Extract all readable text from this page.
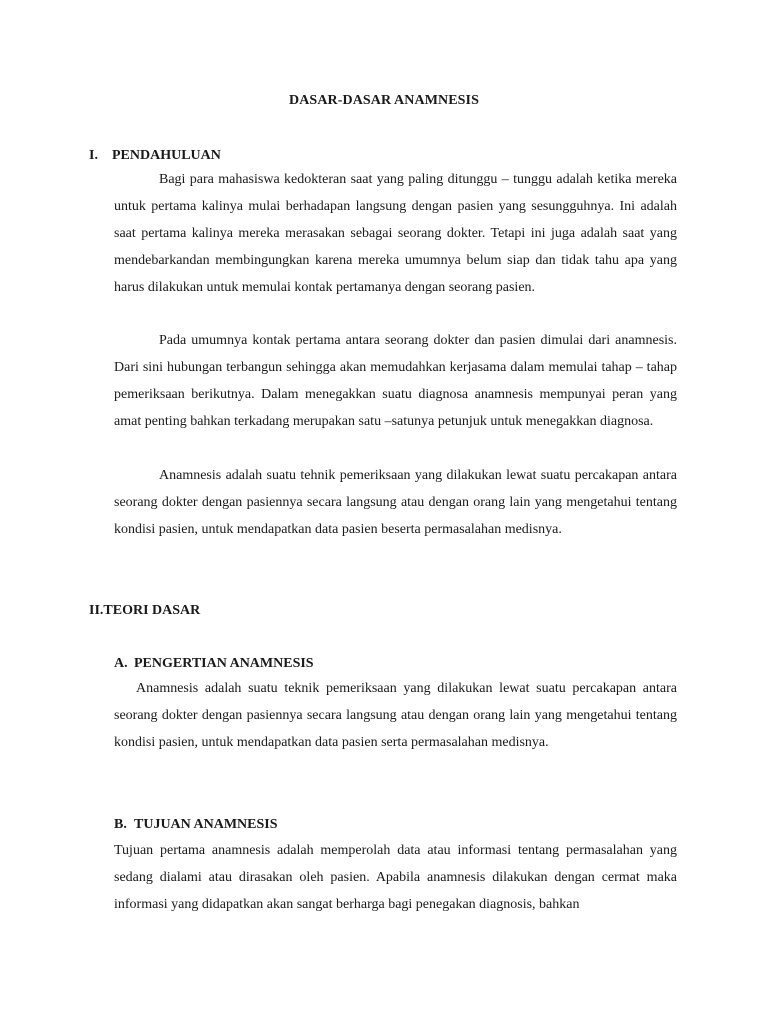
DASAR-DASAR ANAMNESIS
I. PENDAHULUAN

Bagi para mahasiswa kedokteran saat yang paling ditunggu – tunggu adalah ketika mereka untuk pertama kalinya mulai berhadapan langsung dengan pasien yang sesungguhnya. Ini adalah saat pertama kalinya mereka merasakan sebagai seorang dokter. Tetapi ini juga adalah saat yang mendebarkandan membingungkan karena mereka umumnya belum siap dan tidak tahu apa yang harus dilakukan untuk memulai kontak pertamanya dengan seorang pasien.

Pada umumnya kontak pertama antara seorang dokter dan pasien dimulai dari anamnesis. Dari sini hubungan terbangun sehingga akan memudahkan kerjasama dalam memulai tahap – tahap pemeriksaan berikutnya. Dalam menegakkan suatu diagnosa anamnesis mempunyai peran yang amat penting bahkan terkadang merupakan satu –satunya petunjuk untuk menegakkan diagnosa.

Anamnesis adalah suatu tehnik pemeriksaan yang dilakukan lewat suatu percakapan antara seorang dokter dengan pasiennya secara langsung atau dengan orang lain yang mengetahui tentang kondisi pasien, untuk mendapatkan data pasien beserta permasalahan medisnya.

II.TEORI DASAR
A. PENGERTIAN ANAMNESIS

Anamnesis adalah suatu teknik pemeriksaan yang dilakukan lewat suatu percakapan antara seorang dokter dengan pasiennya secara langsung atau dengan orang lain yang mengetahui tentang kondisi pasien, untuk mendapatkan data pasien serta permasalahan medisnya.

B. TUJUAN ANAMNESIS

Tujuan pertama anamnesis adalah memperolah data atau informasi tentang permasalahan yang sedang dialami atau dirasakan oleh pasien. Apabila anamnesis dilakukan dengan cermat maka informasi yang didapatkan akan sangat berharga bagi penegakan diagnosis, bahkan
